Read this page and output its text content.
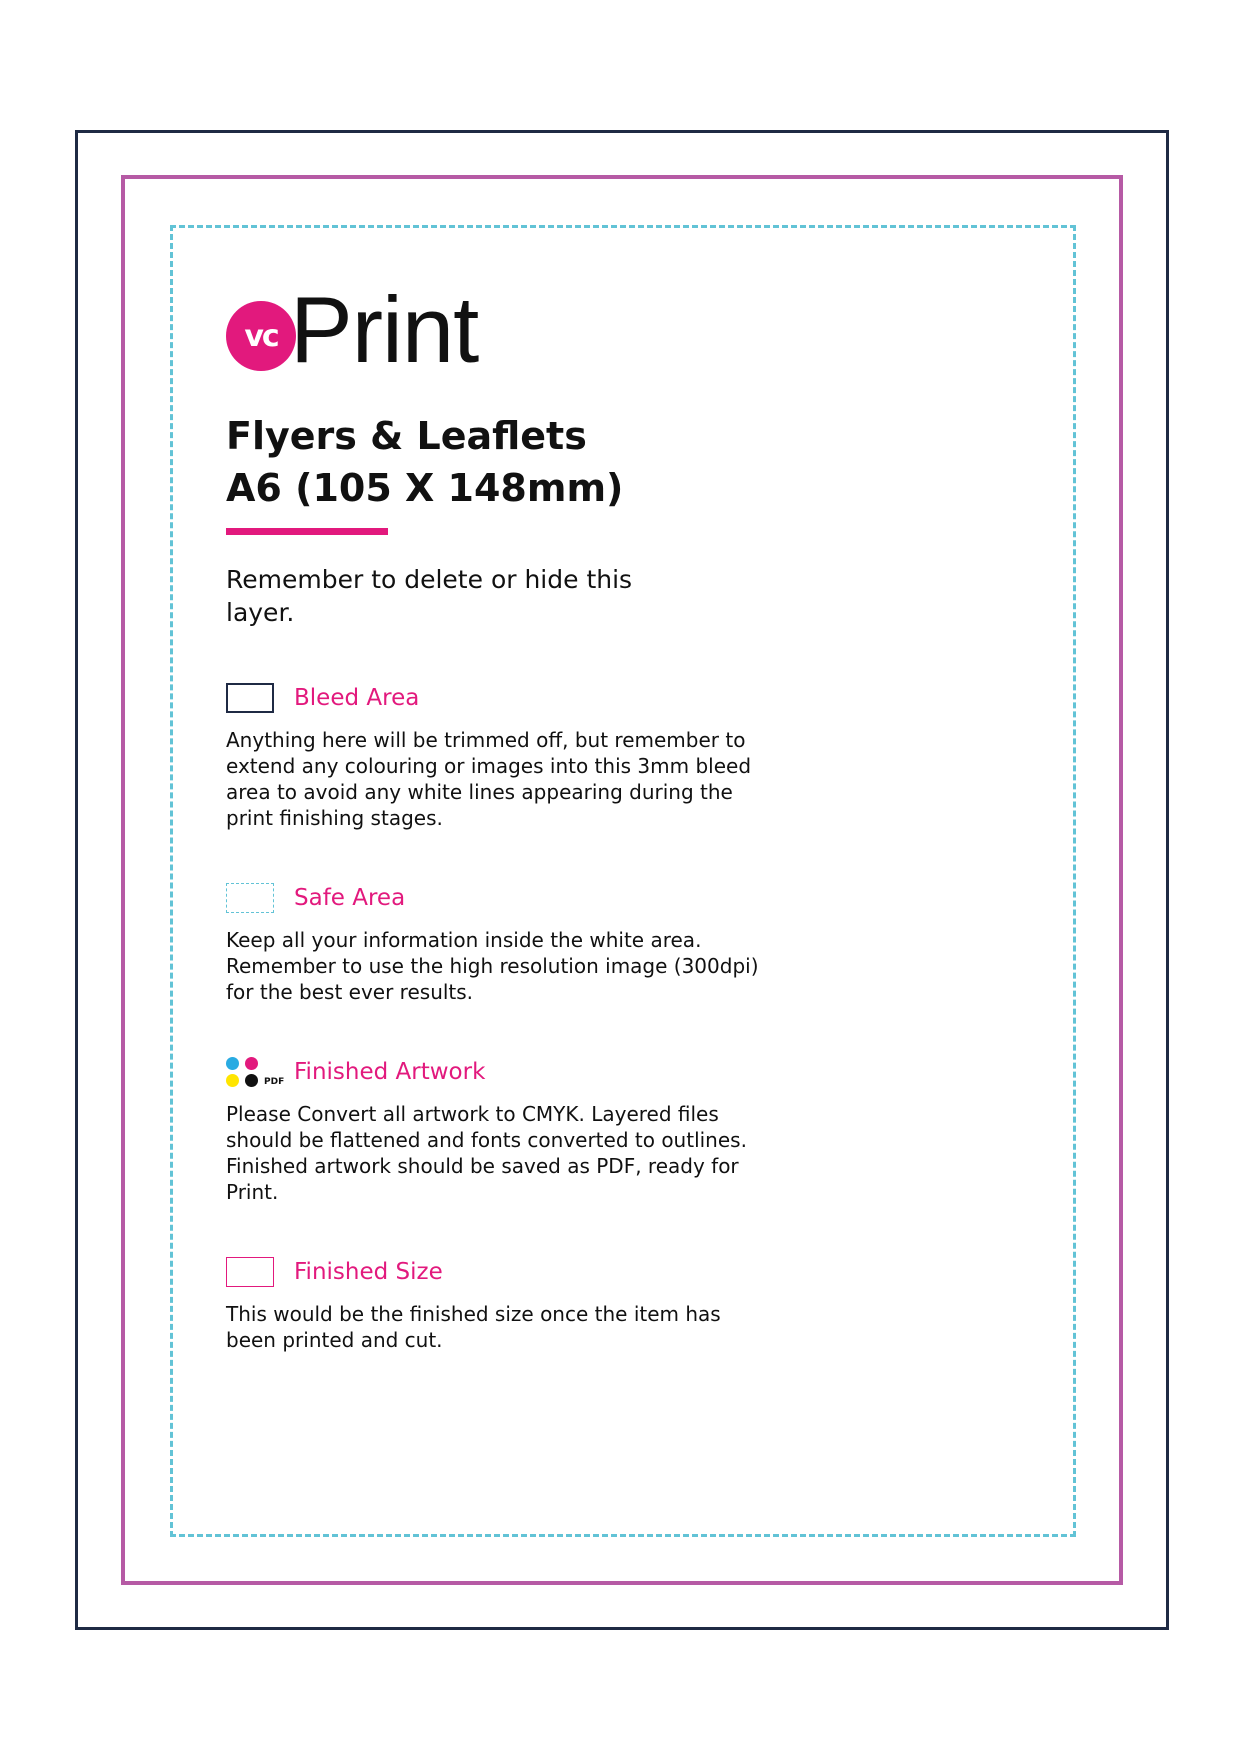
vc Print
Flyers & Leaflets
A6 (105 X 148mm)
Remember to delete or hide this layer.
Bleed Area
Anything here will be trimmed off, but remember to extend any colouring or images into this 3mm bleed area to avoid any white lines appearing during the print finishing stages.
Safe Area
Keep all your information inside the white area. Remember to use the high resolution image (300dpi) for the best ever results.
PDF Finished Artwork
Please Convert all artwork to CMYK. Layered files should be flattened and fonts converted to outlines. Finished artwork should be saved as PDF, ready for Print.
Finished Size
This would be the finished size once the item has been printed and cut.
